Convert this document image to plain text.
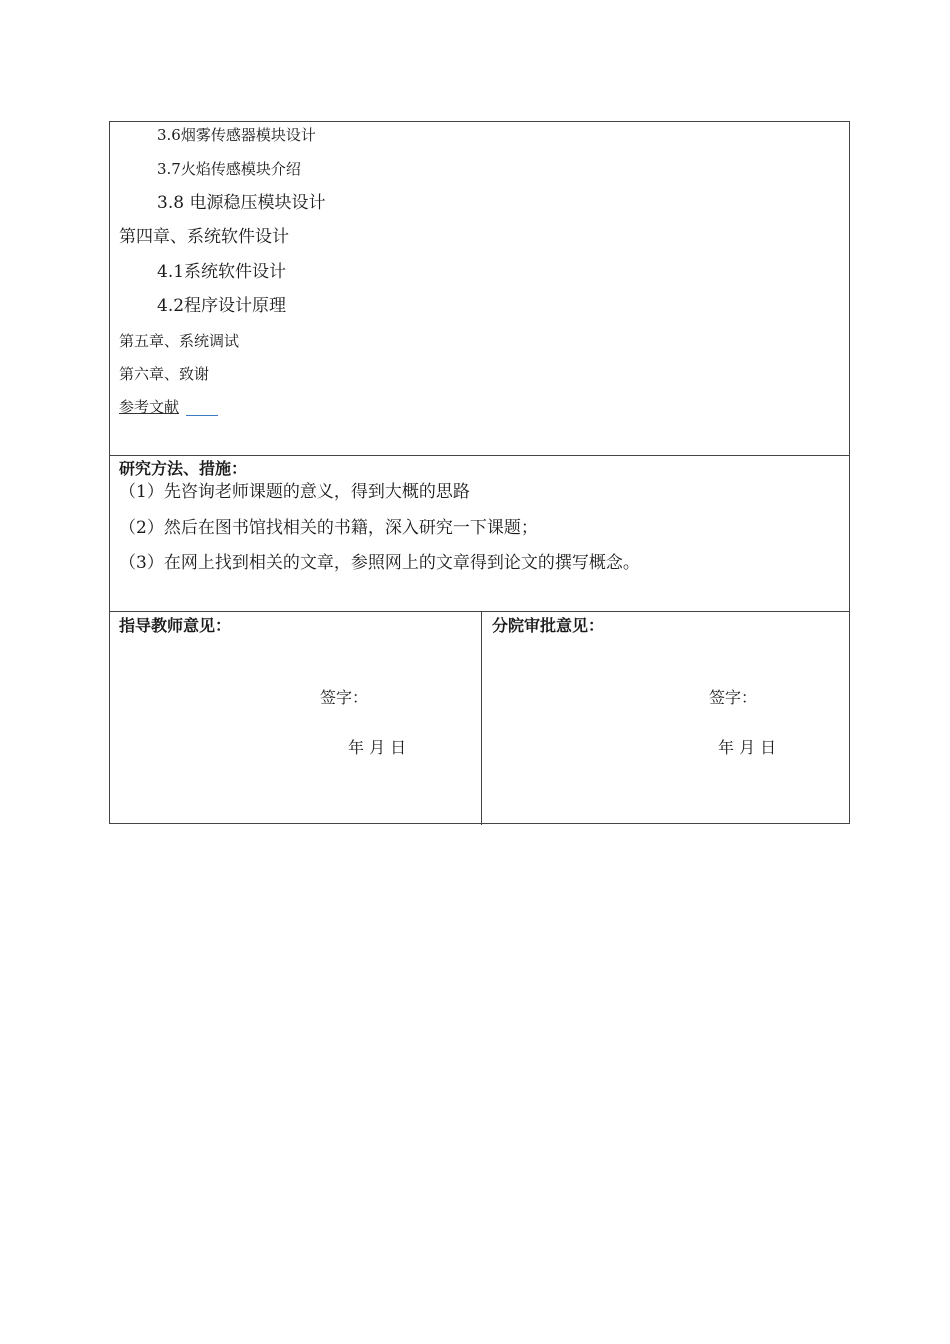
3.6烟雾传感器模块设计
3.7火焰传感模块介绍
3.8 电源稳压模块设计
第四章、系统软件设计
4.1系统软件设计
4.2程序设计原理
第五章、系统调试
第六章、致谢
参考文献
研究方法、措施：
（1）先咨询老师课题的意义，得到大概的思路
（2）然后在图书馆找相关的书籍，深入研究一下课题；
（3）在网上找到相关的文章，参照网上的文章得到论文的撰写概念。
指导教师意见：
签字：
年 月 日
分院审批意见：
签字：
年 月 日
